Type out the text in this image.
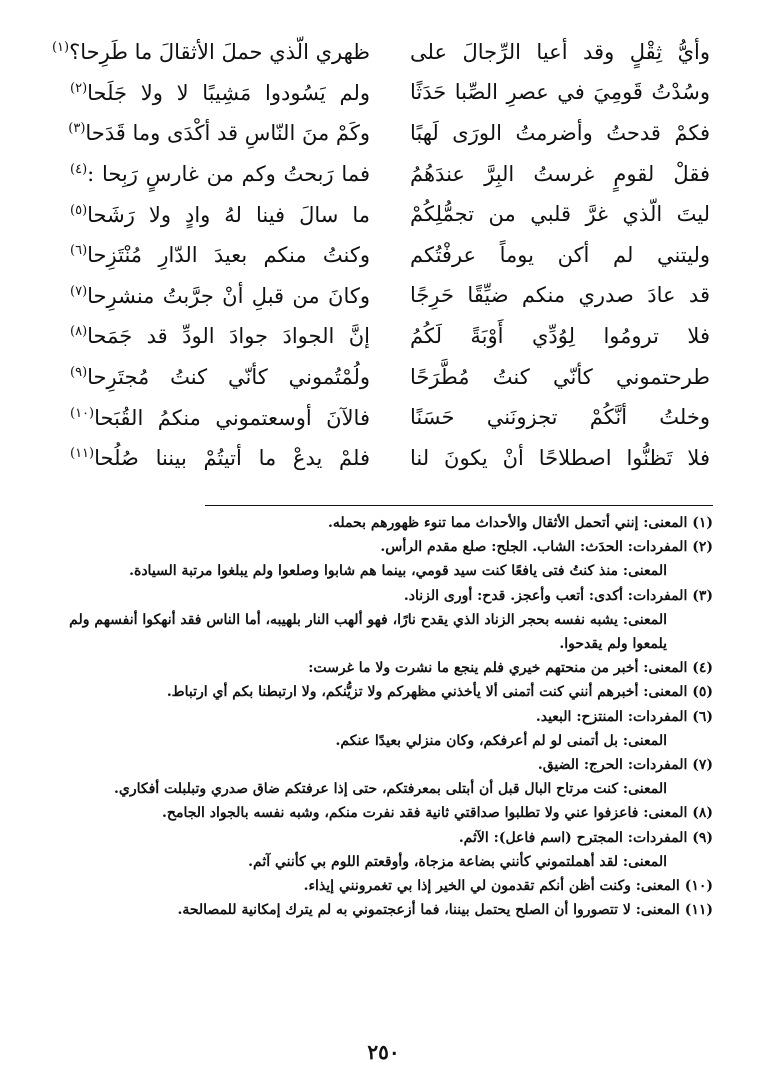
وأيُّ ثِقْلٍ وقد أعيا الرِّجالَ على
ظهري الّذي حملَ الأثقالَ ما طَرِحا؟$^{(١)}$
وسُدْتُ قَومِيَ في عصرِ الصِّبا حَدَثًا
ولم يَسُودوا مَشِيبًا لا ولا جَلَحا$^{(٢)}$
فكمْ قدحتُ وأضرمتُ الورَى لَهبًا
وكَمْ منَ النّاسِ قد أكْدَى وما قَدَحا$^{(٣)}$
فقلْ لقومٍ غرستُ البِرَّ عندَهُمُ
فما رَبحتُ وكم من غارسٍ رَبِحا :$^{(٤)}$
ليتَ الّذي غرَّ قلبي من تجمُّلِكُمْ
ما سالَ فينا لهُ وادٍ ولا رَشَحا$^{(٥)}$
وليتني لم أكن يوماً عرفْتُكم
وكنتُ منكم بعيدَ الدّارِ مُنْتَزِحا$^{(٦)}$
قد عادَ صدري منكم ضيِّقًا حَرِجًا
وكانَ من قبلِ أنْ جرَّبتُ منشرِحا$^{(٧)}$
فلا ترومُوا لِوُدِّي أَوْبَةً لَكُمُ
إنَّ الجوادَ جوادَ الودِّ قد جَمَحا$^{(٨)}$
طرحتموني كأنّي كنتُ مُطَّرَحًا
ولُمْتُموني كأنّي كنتُ مُجتَرِحا$^{(٩)}$
وخلتُ أنَّكُمْ تجزونَني حَسَنًا
فالآنَ أوسعتموني منكمُ القُبَحا$^{(١٠)}$
فلا تَظنُّوا اصطلاحًا أنْ يكونَ لنا
فلمْ يدعْ ما أتيتُمْ بيننا صُلُحا$^{(١١)}$
(١) المعنى: إنني أتحمل الأثقال والأحداث مما تنوء ظهورهم بحمله.
(٢) المفردات: الحدَث: الشاب. الجلح: صلع مقدم الرأس.
المعنى: منذ كنتُ فتى يافعًا كنت سيد قومي، بينما هم شابوا وصلعوا ولم يبلغوا مرتبة السيادة.
(٣) المفردات: أكدى: أتعب وأعجز. قدح: أورى الزناد.
المعنى: يشبه نفسه بحجر الزناد الذي يقدح نارًا، فهو ألهب النار بلهيبه، أما الناس فقد أنهكوا أنفسهم ولم يلمعوا ولم يقدحوا.
(٤) المعنى: أخبر من منحتهم خيري فلم ينجع ما نشرت ولا ما غرست:
(٥) المعنى: أخبرهم أنني كنت أتمنى ألا يأخذني مظهركم ولا تزيُّنكم، ولا ارتبطنا بكم أي ارتباط.
(٦) المفردات: المنتزح: البعيد.
المعنى: بل أتمنى لو لم أعرفكم، وكان منزلي بعيدًا عنكم.
(٧) المفردات: الحرج: الضيق.
المعنى: كنت مرتاح البال قبل أن أبتلى بمعرفتكم، حتى إذا عرفتكم ضاق صدري وتبلبلت أفكاري.
(٨) المعنى: فاعزفوا عني ولا تطلبوا صداقتي ثانية فقد نفرت منكم، وشبه نفسه بالجواد الجامح.
(٩) المفردات: المجترح (اسم فاعل): الآثم.
المعنى: لقد أهملتموني كأنني بضاعة مزجاة، وأوقعتم اللوم بي كأنني آثم.
(١٠) المعنى: وكنت أظن أنكم تقدمون لي الخير إذا بي تغمرونني إيذاء.
(١١) المعنى: لا تتصوروا أن الصلح يحتمل بيننا، فما أزعجتموني به لم يترك إمكانية للمصالحة.
٢٥٠
